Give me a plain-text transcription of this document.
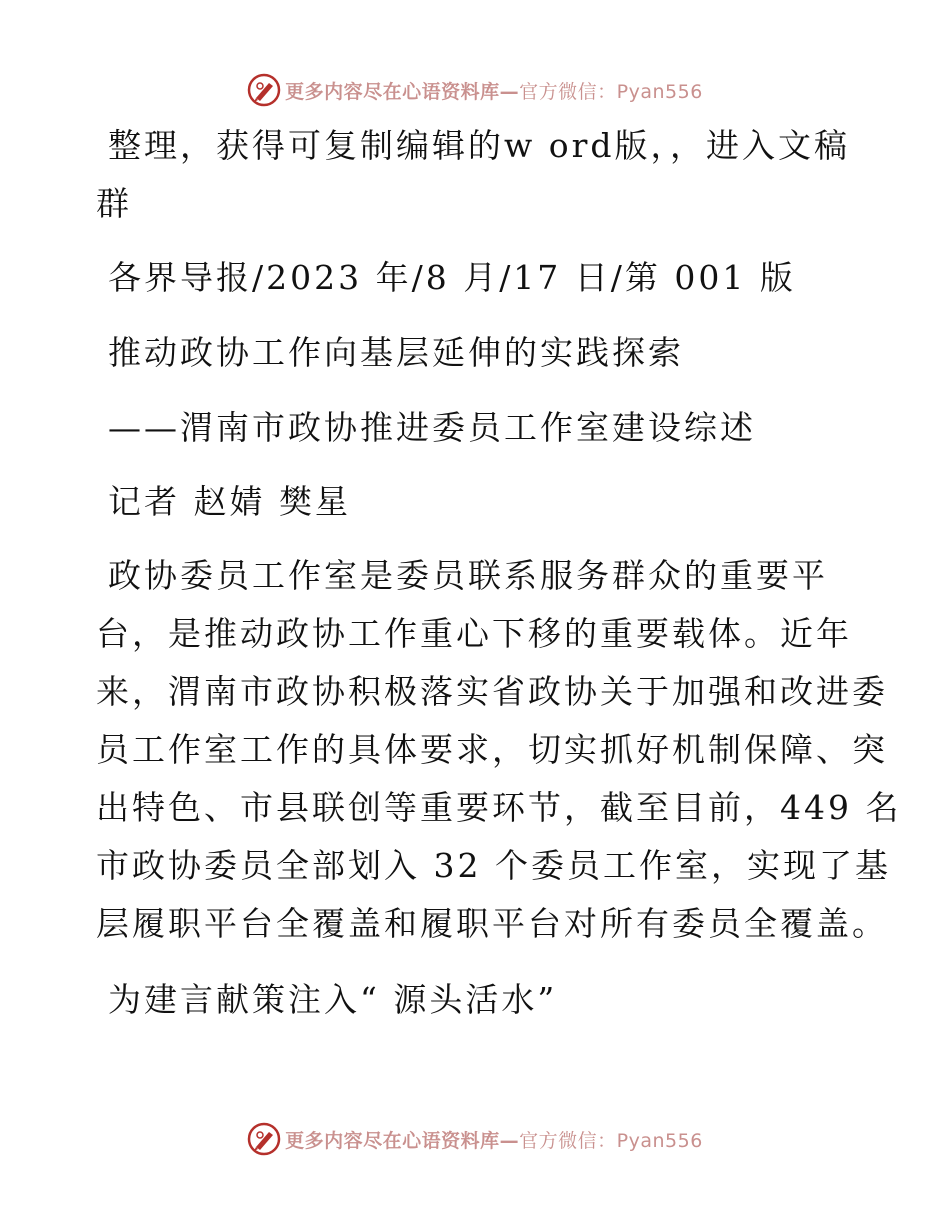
更多内容尽在心语资料库—官方微信：Pyan556
整理，获得可复制编辑的w ord版，，进入文稿
群
各界导报/2023 年/8 月/17 日/第 001 版
推动政协工作向基层延伸的实践探索
——渭南市政协推进委员工作室建设综述
记者 赵婧 樊星
政协委员工作室是委员联系服务群众的重要平
台，是推动政协工作重心下移的重要载体。近年
来，渭南市政协积极落实省政协关于加强和改进委
员工作室工作的具体要求，切实抓好机制保障、突
出特色、市县联创等重要环节，截至目前，449 名
市政协委员全部划入 32 个委员工作室，实现了基
层履职平台全覆盖和履职平台对所有委员全覆盖。
为建言献策注入“ 源头活水”
更多内容尽在心语资料库—官方微信：Pyan556
